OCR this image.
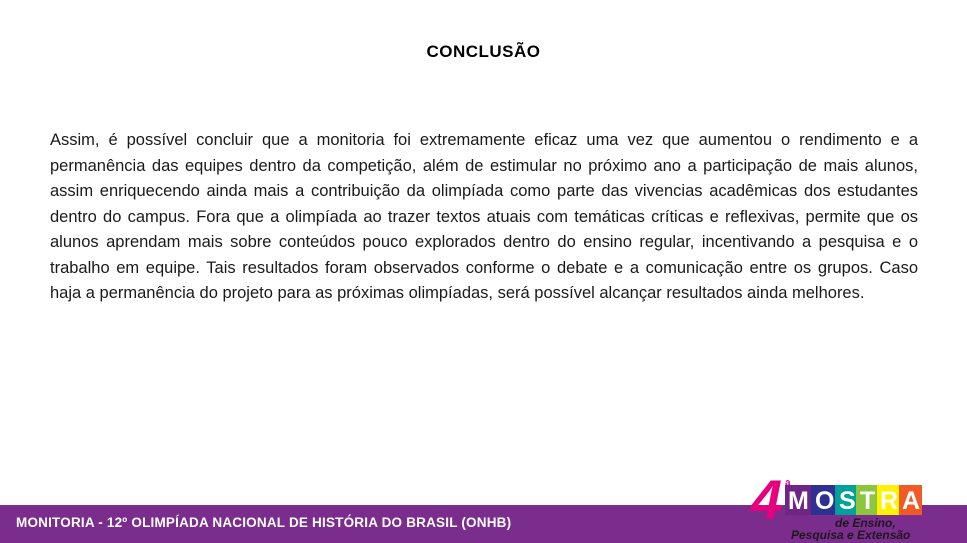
CONCLUSÃO
Assim, é possível concluir que a monitoria foi extremamente eficaz uma vez que aumentou o rendimento e a permanência das equipes dentro da competição, além de estimular no próximo ano a participação de mais alunos, assim enriquecendo ainda mais a contribuição da olimpíada como parte das vivencias acadêmicas dos estudantes dentro do campus. Fora que a olimpíada ao trazer textos atuais com temáticas críticas e reflexivas, permite que os alunos aprendam mais sobre conteúdos pouco explorados dentro do ensino regular, incentivando a pesquisa e o trabalho em equipe. Tais resultados foram observados conforme o debate e a comunicação entre os grupos. Caso haja a permanência do projeto para as próximas olimpíadas, será possível alcançar resultados ainda melhores.
MONITORIA - 12º OLIMPÍADA NACIONAL DE HISTÓRIA DO BRASIL (ONHB)	4 M O S T R A
de Ensino,
Pesquisa e Extensão
